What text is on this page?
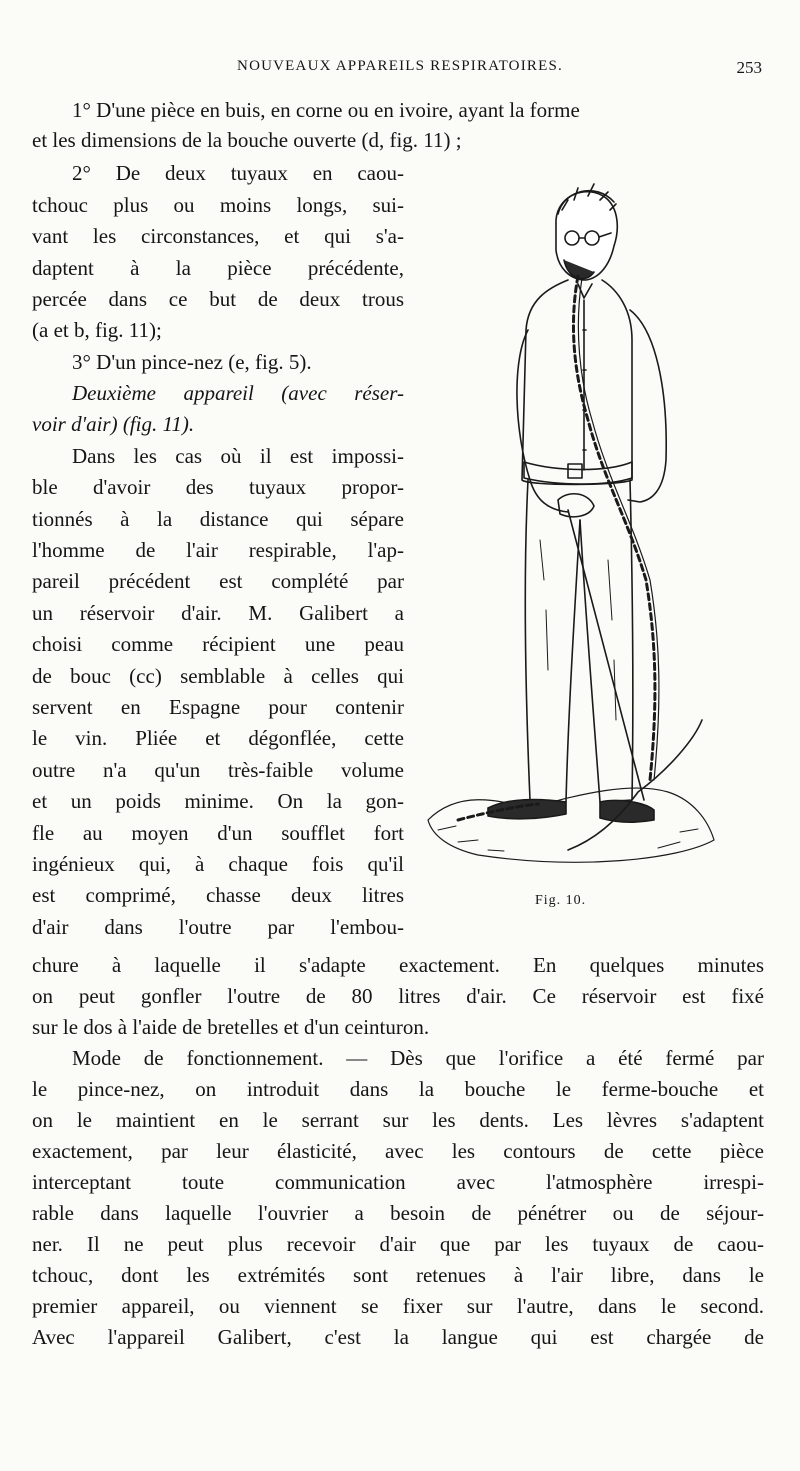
NOUVEAUX APPAREILS RESPIRATOIRES.	253

1° D'une pièce en buis, en corne ou en ivoire, ayant la forme

et les dimensions de la bouche ouverte (d, fig. 11) ;

2° De deux tuyaux en caou-

tchouc plus ou moins longs, sui-

vant les circonstances, et qui s'a-

daptent à la pièce précédente,

percée dans ce but de deux trous

(a et b, fig. 11);

3° D'un pince-nez (e, fig. 5).

Deuxième appareil (avec réser-

voir d'air) (fig. 11).

Dans les cas où il est impossi-

ble d'avoir des tuyaux propor-

tionnés à la distance qui sépare

l'homme de l'air respirable, l'ap-

pareil précédent est complété par

un réservoir d'air. M. Galibert a

choisi comme récipient une peau

de bouc (cc) semblable à celles qui

servent en Espagne pour contenir

le vin. Pliée et dégonflée, cette

outre n'a qu'un très-faible volume

et un poids minime. On la gon-

fle au moyen d'un soufflet fort

ingénieux qui, à chaque fois qu'il

est comprimé, chasse deux litres

d'air dans l'outre par l'embou-

chure à laquelle il s'adapte exactement. En quelques minutes

on peut gonfler l'outre de 80 litres d'air. Ce réservoir est fixé

sur le dos à l'aide de bretelles et d'un ceinturon.

Mode de fonctionnement. — Dès que l'orifice a été fermé par

le pince-nez, on introduit dans la bouche le ferme-bouche et

on le maintient en le serrant sur les dents. Les lèvres s'adaptent

exactement, par leur élasticité, avec les contours de cette pièce

interceptant toute communication avec l'atmosphère irrespi-

rable dans laquelle l'ouvrier a besoin de pénétrer ou de séjour-

ner. Il ne peut plus recevoir d'air que par les tuyaux de caou-

tchouc, dont les extrémités sont retenues à l'air libre, dans le

premier appareil, ou viennent se fixer sur l'autre, dans le second.

Avec l'appareil Galibert, c'est la langue qui est chargée de

Fig. 10.
